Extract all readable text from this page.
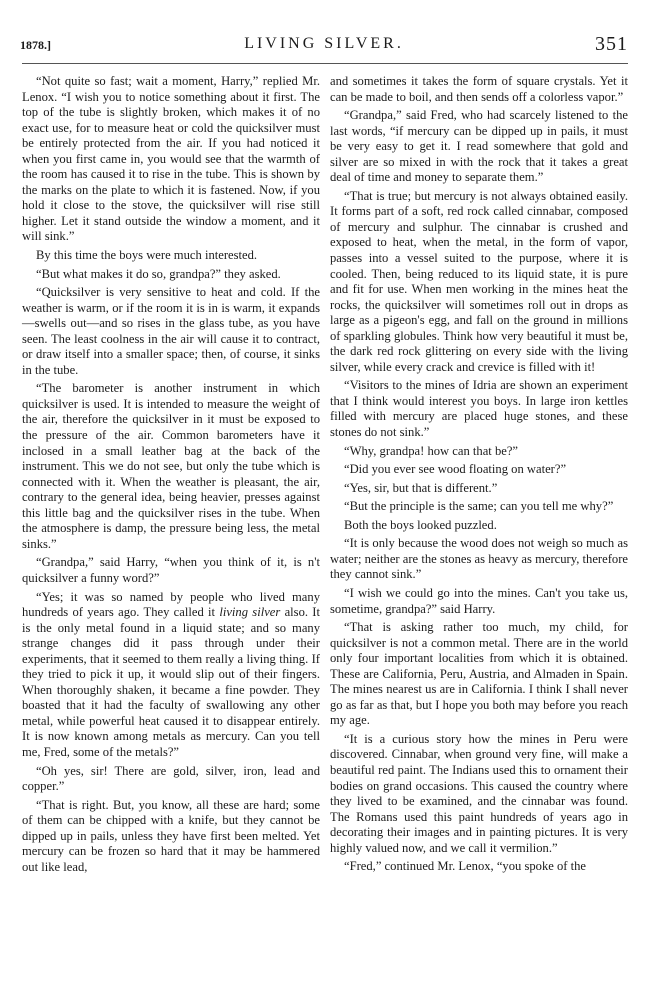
1878.]	LIVING SILVER.	351

“Not quite so fast; wait a moment, Harry,” replied Mr. Lenox. “I wish you to notice something about it first. The top of the tube is slightly broken, which makes it of no exact use, for to measure heat or cold the quicksilver must be entirely protected from the air. If you had noticed it when you first came in, you would see that the warmth of the room has caused it to rise in the tube. This is shown by the marks on the plate to which it is fastened. Now, if you hold it close to the stove, the quicksilver will rise still higher. Let it stand outside the window a moment, and it will sink.”

By this time the boys were much interested.

“But what makes it do so, grandpa?” they asked.

“Quicksilver is very sensitive to heat and cold. If the weather is warm, or if the room it is in is warm, it expands—swells out—and so rises in the glass tube, as you have seen. The least coolness in the air will cause it to contract, or draw itself into a smaller space; then, of course, it sinks in the tube.

“The barometer is another instrument in which quicksilver is used. It is intended to measure the weight of the air, therefore the quicksilver in it must be exposed to the pressure of the air. Common barometers have it inclosed in a small leather bag at the back of the instrument. This we do not see, but only the tube which is connected with it. When the weather is pleasant, the air, contrary to the general idea, being heavier, presses against this little bag and the quicksilver rises in the tube. When the atmosphere is damp, the pressure being less, the metal sinks.”

“Grandpa,” said Harry, “when you think of it, is n't quicksilver a funny word?”

“Yes; it was so named by people who lived many hundreds of years ago. They called it living silver also. It is the only metal found in a liquid state; and so many strange changes did it pass through under their experiments, that it seemed to them really a living thing. If they tried to pick it up, it would slip out of their fingers. When thoroughly shaken, it became a fine powder. They boasted that it had the faculty of swallowing any other metal, while powerful heat caused it to disappear entirely. It is now known among metals as mercury. Can you tell me, Fred, some of the metals?”

“Oh yes, sir! There are gold, silver, iron, lead and copper.”

“That is right. But, you know, all these are hard; some of them can be chipped with a knife, but they cannot be dipped up in pails, unless they have first been melted. Yet mercury can be frozen so hard that it may be hammered out like lead,

and sometimes it takes the form of square crystals. Yet it can be made to boil, and then sends off a colorless vapor.”

“Grandpa,” said Fred, who had scarcely listened to the last words, “if mercury can be dipped up in pails, it must be very easy to get it. I read somewhere that gold and silver are so mixed in with the rock that it takes a great deal of time and money to separate them.”

“That is true; but mercury is not always obtained easily. It forms part of a soft, red rock called cinnabar, composed of mercury and sulphur. The cinnabar is crushed and exposed to heat, when the metal, in the form of vapor, passes into a vessel suited to the purpose, where it is cooled. Then, being reduced to its liquid state, it is pure and fit for use. When men working in the mines heat the rocks, the quicksilver will sometimes roll out in drops as large as a pigeon's egg, and fall on the ground in millions of sparkling globules. Think how very beautiful it must be, the dark red rock glittering on every side with the living silver, while every crack and crevice is filled with it!

“Visitors to the mines of Idria are shown an experiment that I think would interest you boys. In large iron kettles filled with mercury are placed huge stones, and these stones do not sink.”

“Why, grandpa! how can that be?”

“Did you ever see wood floating on water?”

“Yes, sir, but that is different.”

“But the principle is the same; can you tell me why?”

Both the boys looked puzzled.

“It is only because the wood does not weigh so much as water; neither are the stones as heavy as mercury, therefore they cannot sink.”

“I wish we could go into the mines. Can't you take us, sometime, grandpa?” said Harry.

“That is asking rather too much, my child, for quicksilver is not a common metal. There are in the world only four important localities from which it is obtained. These are California, Peru, Austria, and Almaden in Spain. The mines nearest us are in California. I think I shall never go as far as that, but I hope you both may before you reach my age.

“It is a curious story how the mines in Peru were discovered. Cinnabar, when ground very fine, will make a beautiful red paint. The Indians used this to ornament their bodies on grand occasions. This caused the country where they lived to be examined, and the cinnabar was found. The Romans used this paint hundreds of years ago in decorating their images and in painting pictures. It is very highly valued now, and we call it vermilion.”

“Fred,” continued Mr. Lenox, “you spoke of the
